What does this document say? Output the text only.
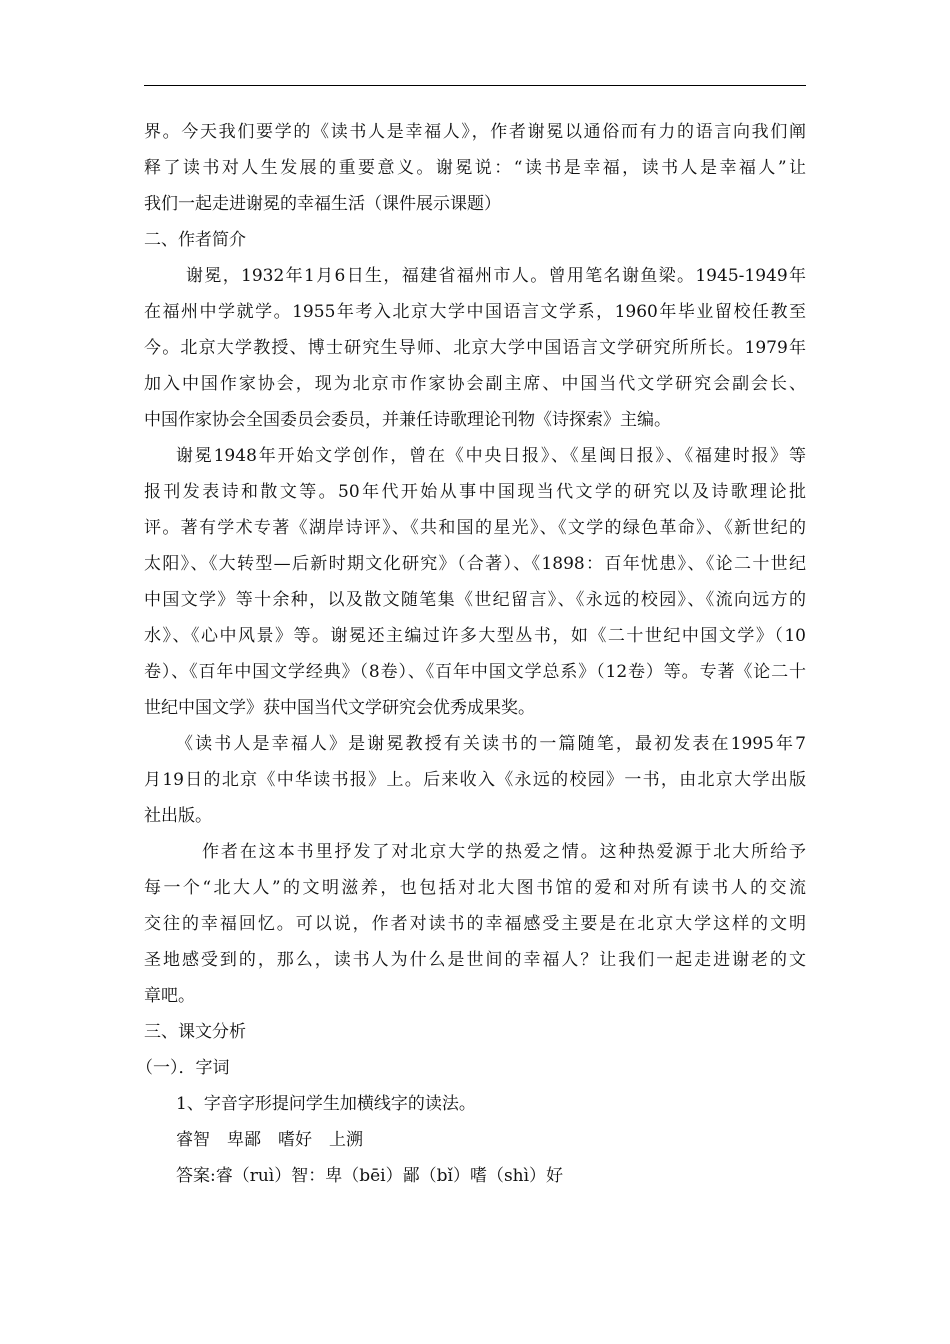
界。今天我们要学的《读书人是幸福人》，作者谢冕以通俗而有力的语言向我们阐
释了读书对人生发展的重要意义。谢冕说：“读书是幸福，读书人是幸福人”让
我们一起走进谢冕的幸福生活（课件展示课题）
二、作者简介
谢冕，1932年1月6日生，福建省福州市人。曾用笔名谢鱼梁。1945-1949年
在福州中学就学。1955年考入北京大学中国语言文学系，1960年毕业留校任教至
今。北京大学教授、博士研究生导师、北京大学中国语言文学研究所所长。1979年
加入中国作家协会，现为北京市作家协会副主席、中国当代文学研究会副会长、
中国作家协会全国委员会委员，并兼任诗歌理论刊物《诗探索》主编。
谢冕1948年开始文学创作，曾在《中央日报》、《星闽日报》、《福建时报》等
报刊发表诗和散文等。50年代开始从事中国现当代文学的研究以及诗歌理论批
评。著有学术专著《湖岸诗评》、《共和国的星光》、《文学的绿色革命》、《新世纪的
太阳》、《大转型—后新时期文化研究》（合著）、《1898：百年忧患》、《论二十世纪
中国文学》等十余种，以及散文随笔集《世纪留言》、《永远的校园》、《流向远方的
水》、《心中风景》等。谢冕还主编过许多大型丛书，如《二十世纪中国文学》（10
卷）、《百年中国文学经典》（8卷）、《百年中国文学总系》（12卷）等。专著《论二十
世纪中国文学》获中国当代文学研究会优秀成果奖。
《读书人是幸福人》是谢冕教授有关读书的一篇随笔，最初发表在1995年7
月19日的北京《中华读书报》上。后来收入《永远的校园》一书，由北京大学出版
社出版。
作者在这本书里抒发了对北京大学的热爱之情。这种热爱源于北大所给予
每一个“北大人”的文明滋养，也包括对北大图书馆的爱和对所有读书人的交流
交往的幸福回忆。可以说，作者对读书的幸福感受主要是在北京大学这样的文明
圣地感受到的，那么，读书人为什么是世间的幸福人？让我们一起走进谢老的文
章吧。
三、课文分析
（一）．字词
1、字音字形提问学生加横线字的读法。
睿智　卑鄙　嗜好　上溯
答案:睿（ruì）智：卑（bēi）鄙（bǐ）嗜（shì）好
